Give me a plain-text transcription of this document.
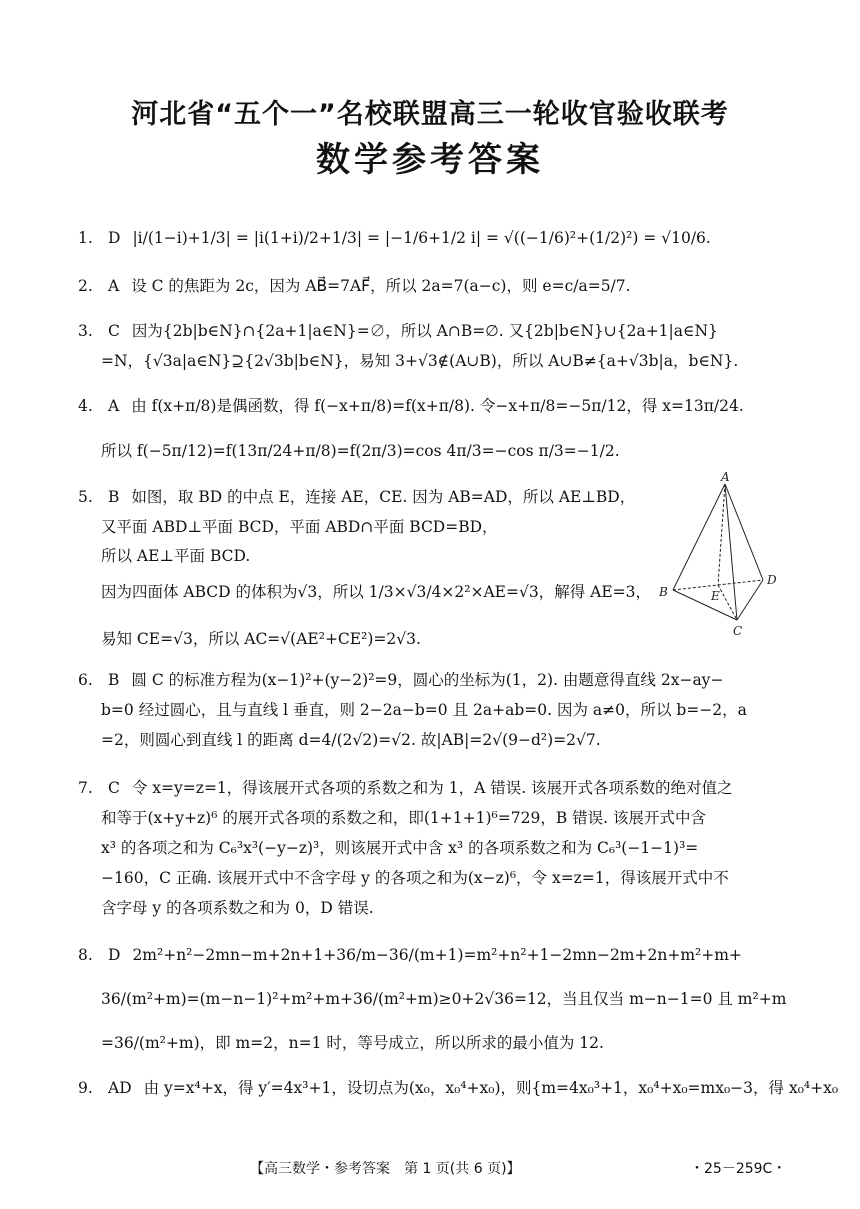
河北省“五个一”名校联盟高三一轮收官验收联考
数学参考答案
1. D |i/(1−i)+1/3| = |i(1+i)/2+1/3| = |−1/6+1/2 i| = √((−1/6)²+(1/2)²) = √10/6.
2. A 设 C 的焦距为 2c，因为 AB⃗=7AF⃗，所以 2a=7(a−c)，则 e=c/a=5/7.
3. C 因为{2b|b∈N}∩{2a+1|a∈N}=∅，所以 A∩B=∅. 又{2b|b∈N}∪{2a+1|a∈N}
=N，{√3a|a∈N}⊇{2√3b|b∈N}，易知 3+√3∉(A∪B)，所以 A∪B≠{a+√3b|a，b∈N}.
4. A 由 f(x+π/8)是偶函数，得 f(−x+π/8)=f(x+π/8). 令−x+π/8=−5π/12，得 x=13π/24.
所以 f(−5π/12)=f(13π/24+π/8)=f(2π/3)=cos 4π/3=−cos π/3=−1/2.
5. B 如图，取 BD 的中点 E，连接 AE，CE. 因为 AB=AD，所以 AE⊥BD，
又平面 ABD⊥平面 BCD，平面 ABD∩平面 BCD=BD，
所以 AE⊥平面 BCD.
因为四面体 ABCD 的体积为√3，所以 1/3×√3/4×2²×AE=√3，解得 AE=3，
易知 CE=√3，所以 AC=√(AE²+CE²)=2√3.
6. B 圆 C 的标准方程为(x−1)²+(y−2)²=9，圆心的坐标为(1，2). 由题意得直线 2x−ay−
b=0 经过圆心，且与直线 l 垂直，则 2−2a−b=0 且 2a+ab=0. 因为 a≠0，所以 b=−2，a
=2，则圆心到直线 l 的距离 d=4/(2√2)=√2. 故|AB|=2√(9−d²)=2√7.
7. C 令 x=y=z=1，得该展开式各项的系数之和为 1，A 错误. 该展开式各项系数的绝对值之
和等于(x+y+z)⁶ 的展开式各项的系数之和，即(1+1+1)⁶=729，B 错误. 该展开式中含
x³ 的各项之和为 C₆³x³(−y−z)³，则该展开式中含 x³ 的各项系数之和为 C₆³(−1−1)³=
−160，C 正确. 该展开式中不含字母 y 的各项之和为(x−z)⁶，令 x=z=1，得该展开式中不
含字母 y 的各项系数之和为 0，D 错误.
8. D 2m²+n²−2mn−m+2n+1+36/m−36/(m+1)=m²+n²+1−2mn−2m+2n+m²+m+
36/(m²+m)=(m−n−1)²+m²+m+36/(m²+m)≥0+2√36=12，当且仅当 m−n−1=0 且 m²+m
=36/(m²+m)，即 m=2，n=1 时，等号成立，所以所求的最小值为 12.
9. AD 由 y=x⁴+x，得 y′=4x³+1，设切点为(x₀，x₀⁴+x₀)，则{m=4x₀³+1，x₀⁴+x₀=mx₀−3，得 x₀⁴+x₀
A
B
C
D
E
【高三数学・参考答案　第 1 页(共 6 页)】	・25－259C・
